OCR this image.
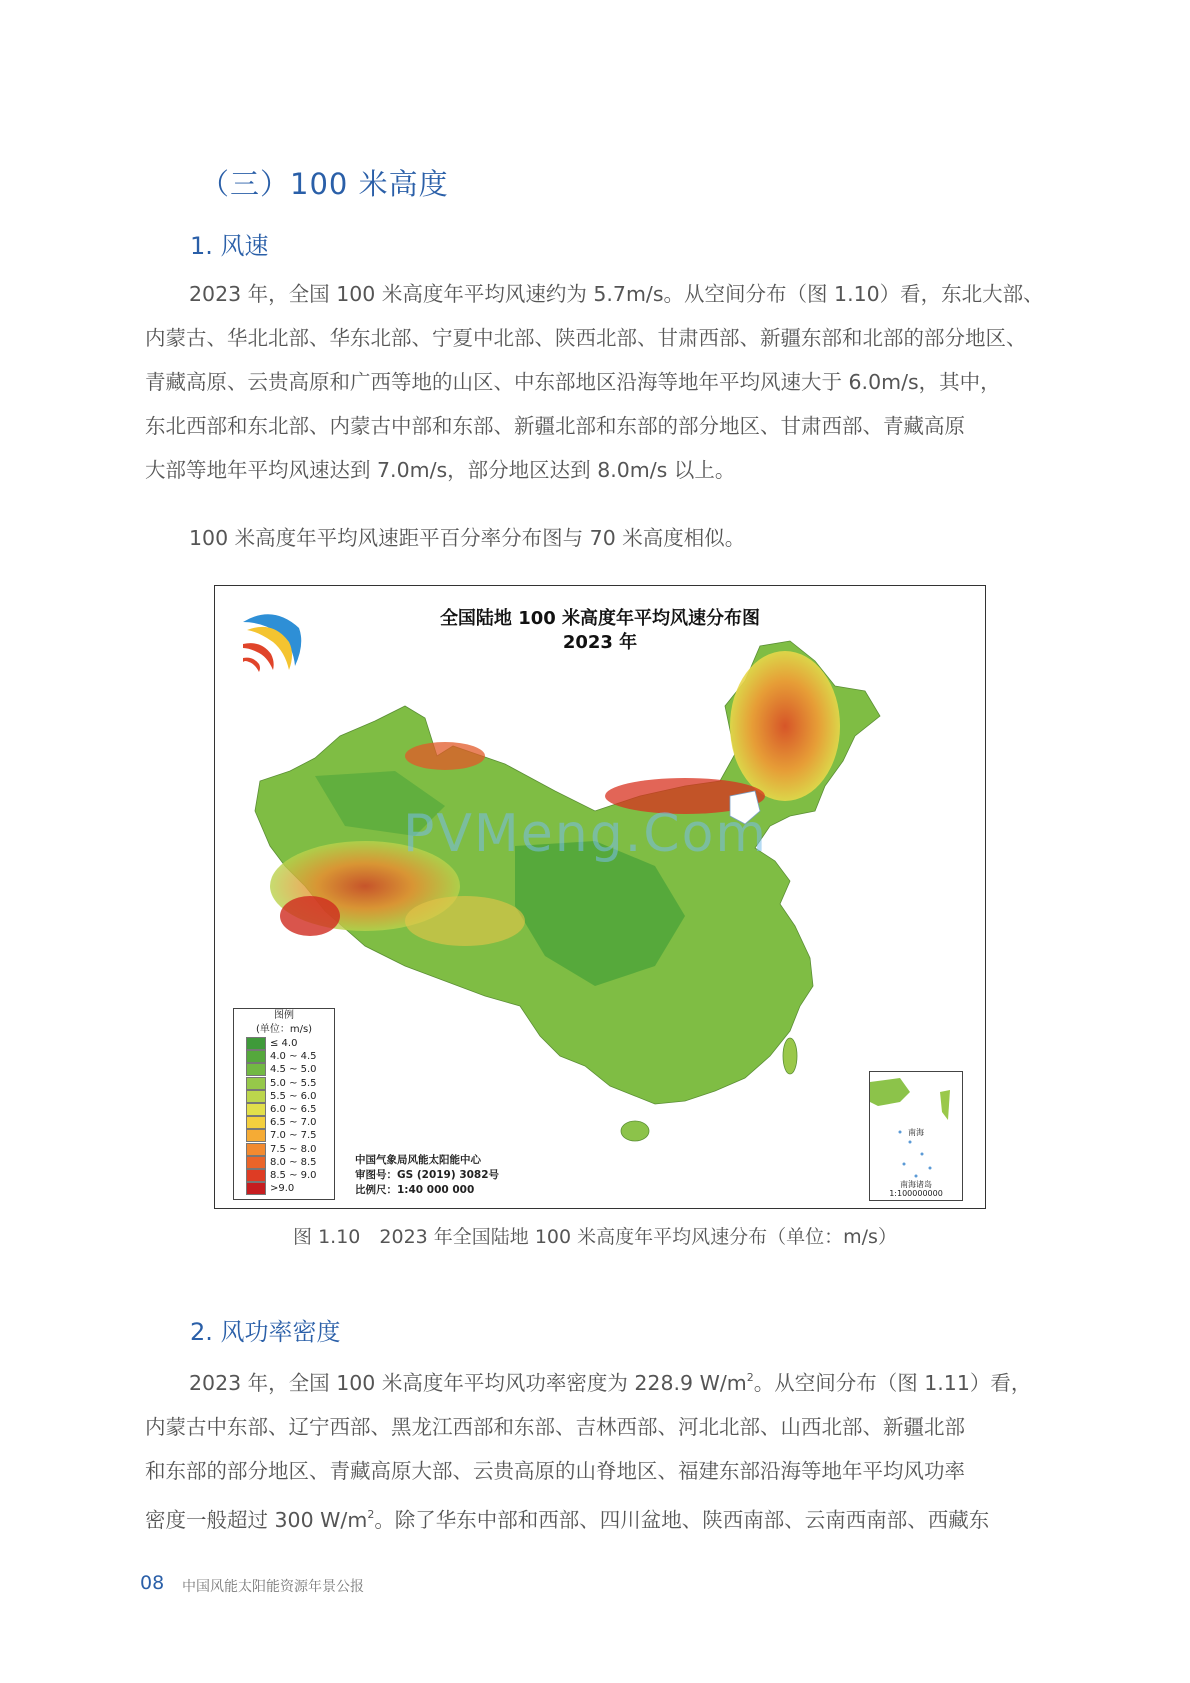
（三）100 米高度
1. 风速
2023 年，全国 100 米高度年平均风速约为 5.7m/s。从空间分布（图 1.10）看，东北大部、
内蒙古、华北北部、华东北部、宁夏中北部、陕西北部、甘肃西部、新疆东部和北部的部分地区、
青藏高原、云贵高原和广西等地的山区、中东部地区沿海等地年平均风速大于 6.0m/s，其中，
东北西部和东北部、内蒙古中部和东部、新疆北部和东部的部分地区、甘肃西部、青藏高原
大部等地年平均风速达到 7.0m/s，部分地区达到 8.0m/s 以上。
100 米高度年平均风速距平百分率分布图与 70 米高度相似。
全国陆地 100 米高度年平均风速分布图
2023 年
PVMeng.Com
图例
(单位：m/s)
≤ 4.0
4.0 ~ 4.5
4.5 ~ 5.0
5.0 ~ 5.5
5.5 ~ 6.0
6.0 ~ 6.5
6.5 ~ 7.0
7.0 ~ 7.5
7.5 ~ 8.0
8.0 ~ 8.5
8.5 ~ 9.0
>9.0
中国气象局风能太阳能中心
审图号：GS (2019) 3082号
比例尺：1:40 000 000
南海
南海诸岛
1:100000000
图 1.10　2023 年全国陆地 100 米高度年平均风速分布（单位：m/s）
2. 风功率密度
2023 年，全国 100 米高度年平均风功率密度为 228.9 $W/m^2$。从空间分布（图 1.11）看，
内蒙古中东部、辽宁西部、黑龙江西部和东部、吉林西部、河北北部、山西北部、新疆北部
和东部的部分地区、青藏高原大部、云贵高原的山脊地区、福建东部沿海等地年平均风功率
密度一般超过 300 $W/m^2$。除了华东中部和西部、四川盆地、陕西南部、云南西南部、西藏东
08 中国风能太阳能资源年景公报
